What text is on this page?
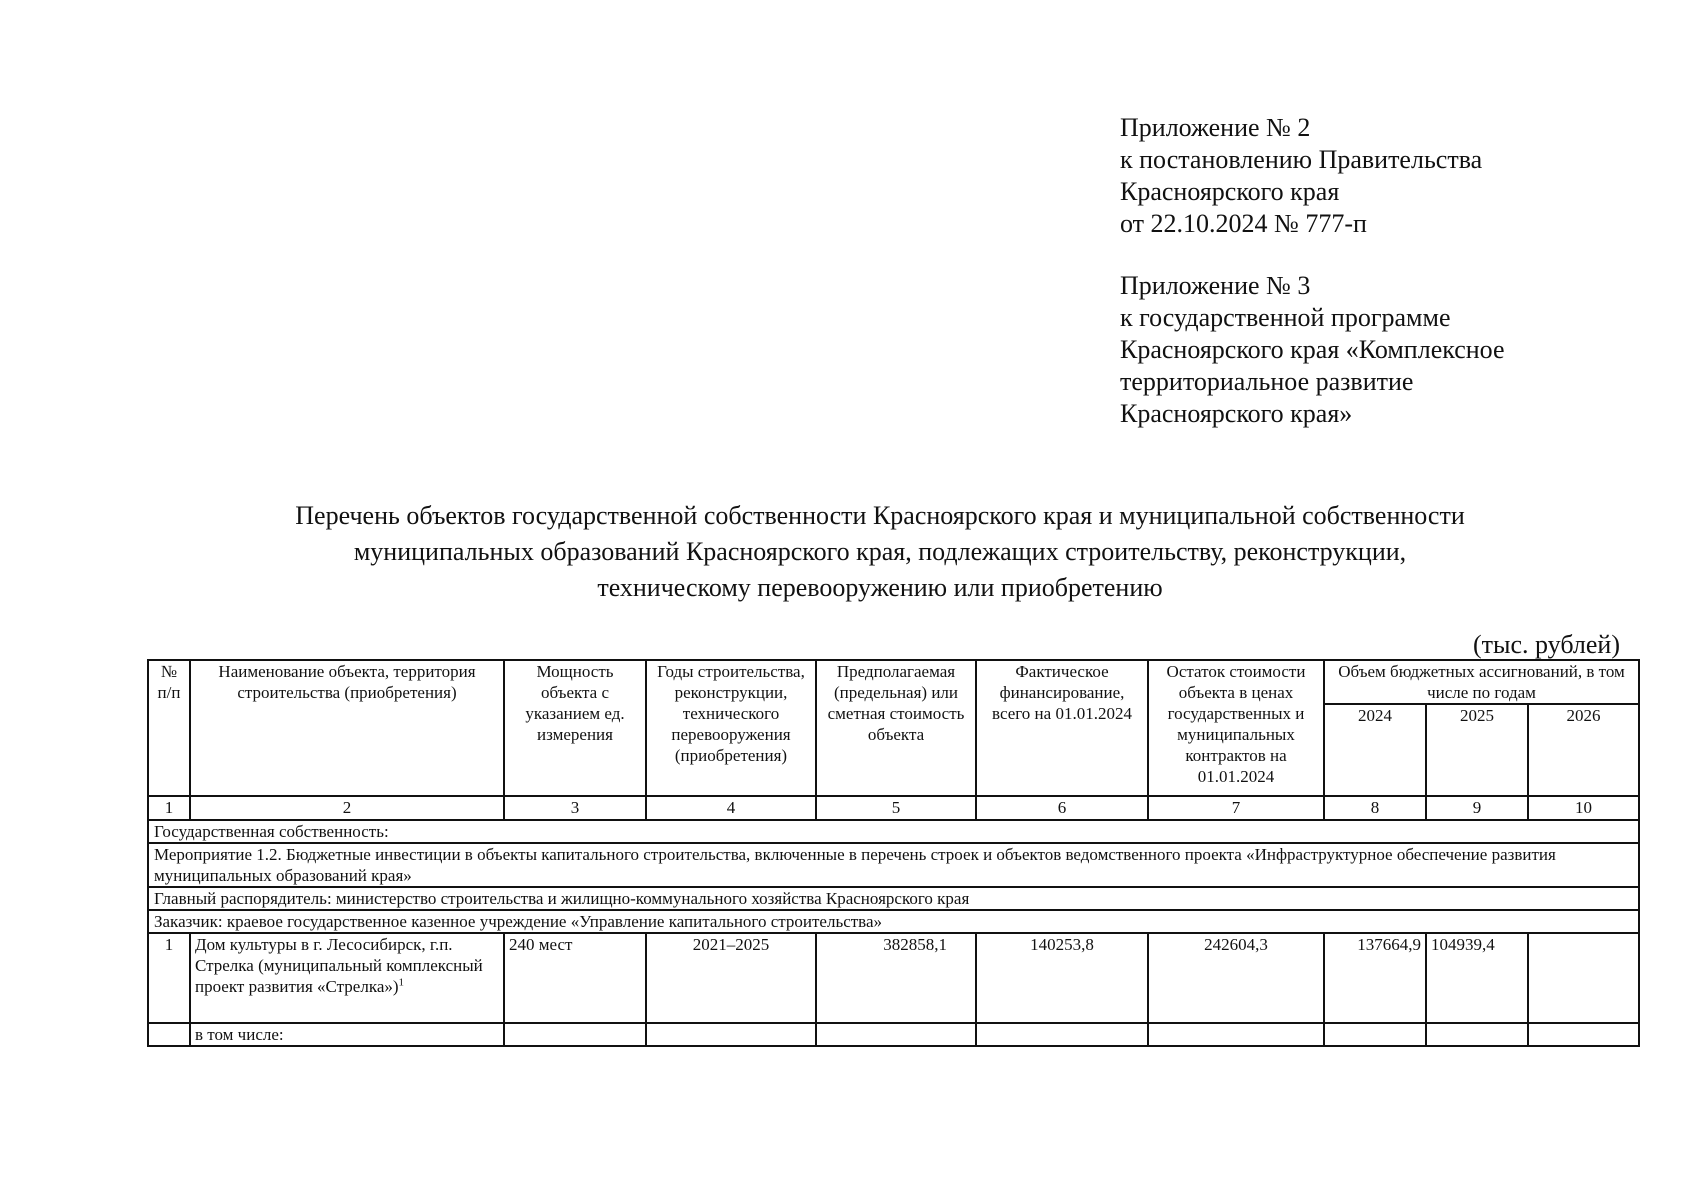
Приложение № 2

к постановлению Правительства

Красноярского края

от 22.10.2024 № 777-п

Приложение № 3

к государственной программе

Красноярского края «Комплексное

территориальное развитие

Красноярского края»

Перечень объектов государственной собственности Красноярского края и муниципальной собственности

муниципальных образований Красноярского края, подлежащих строительству, реконструкции,

техническому перевооружению или приобретению

(тыс. рублей)
№ п/п	Наименование объекта, территория строительства (приобретения)	Мощность объекта с указанием ед. измерения	Годы строительства, реконструкции, технического перевооружения (приобретения)	Предполагаемая (предельная) или сметная стоимость объекта	Фактическое финансирование, всего на 01.01.2024	Остаток стоимости объекта в ценах государственных и муниципальных контрактов на 01.01.2024	Объем бюджетных ассигнований, в том числе по годам		
							2024	2025	2026
1	2	3	4	5	6	7	8	9	10
Государственная собственность:									
Мероприятие 1.2. Бюджетные инвестиции в объекты капитального строительства, включенные в перечень строек и объектов ведомственного проекта «Инфраструктурное обеспечение развития муниципальных образований края»									
Главный распорядитель: министерство строительства и жилищно-коммунального хозяйства Красноярского края									
Заказчик: краевое государственное казенное учреждение «Управление капитального строительства»									
1	Дом культуры в г. Лесосибирск, г.п. Стрелка (муниципальный комплексный проект развития «Стрелка»)$^1$	240 мест	2021–2025	382858,1	140253,8	242604,3	137664,9	104939,4	
	в том числе:								
